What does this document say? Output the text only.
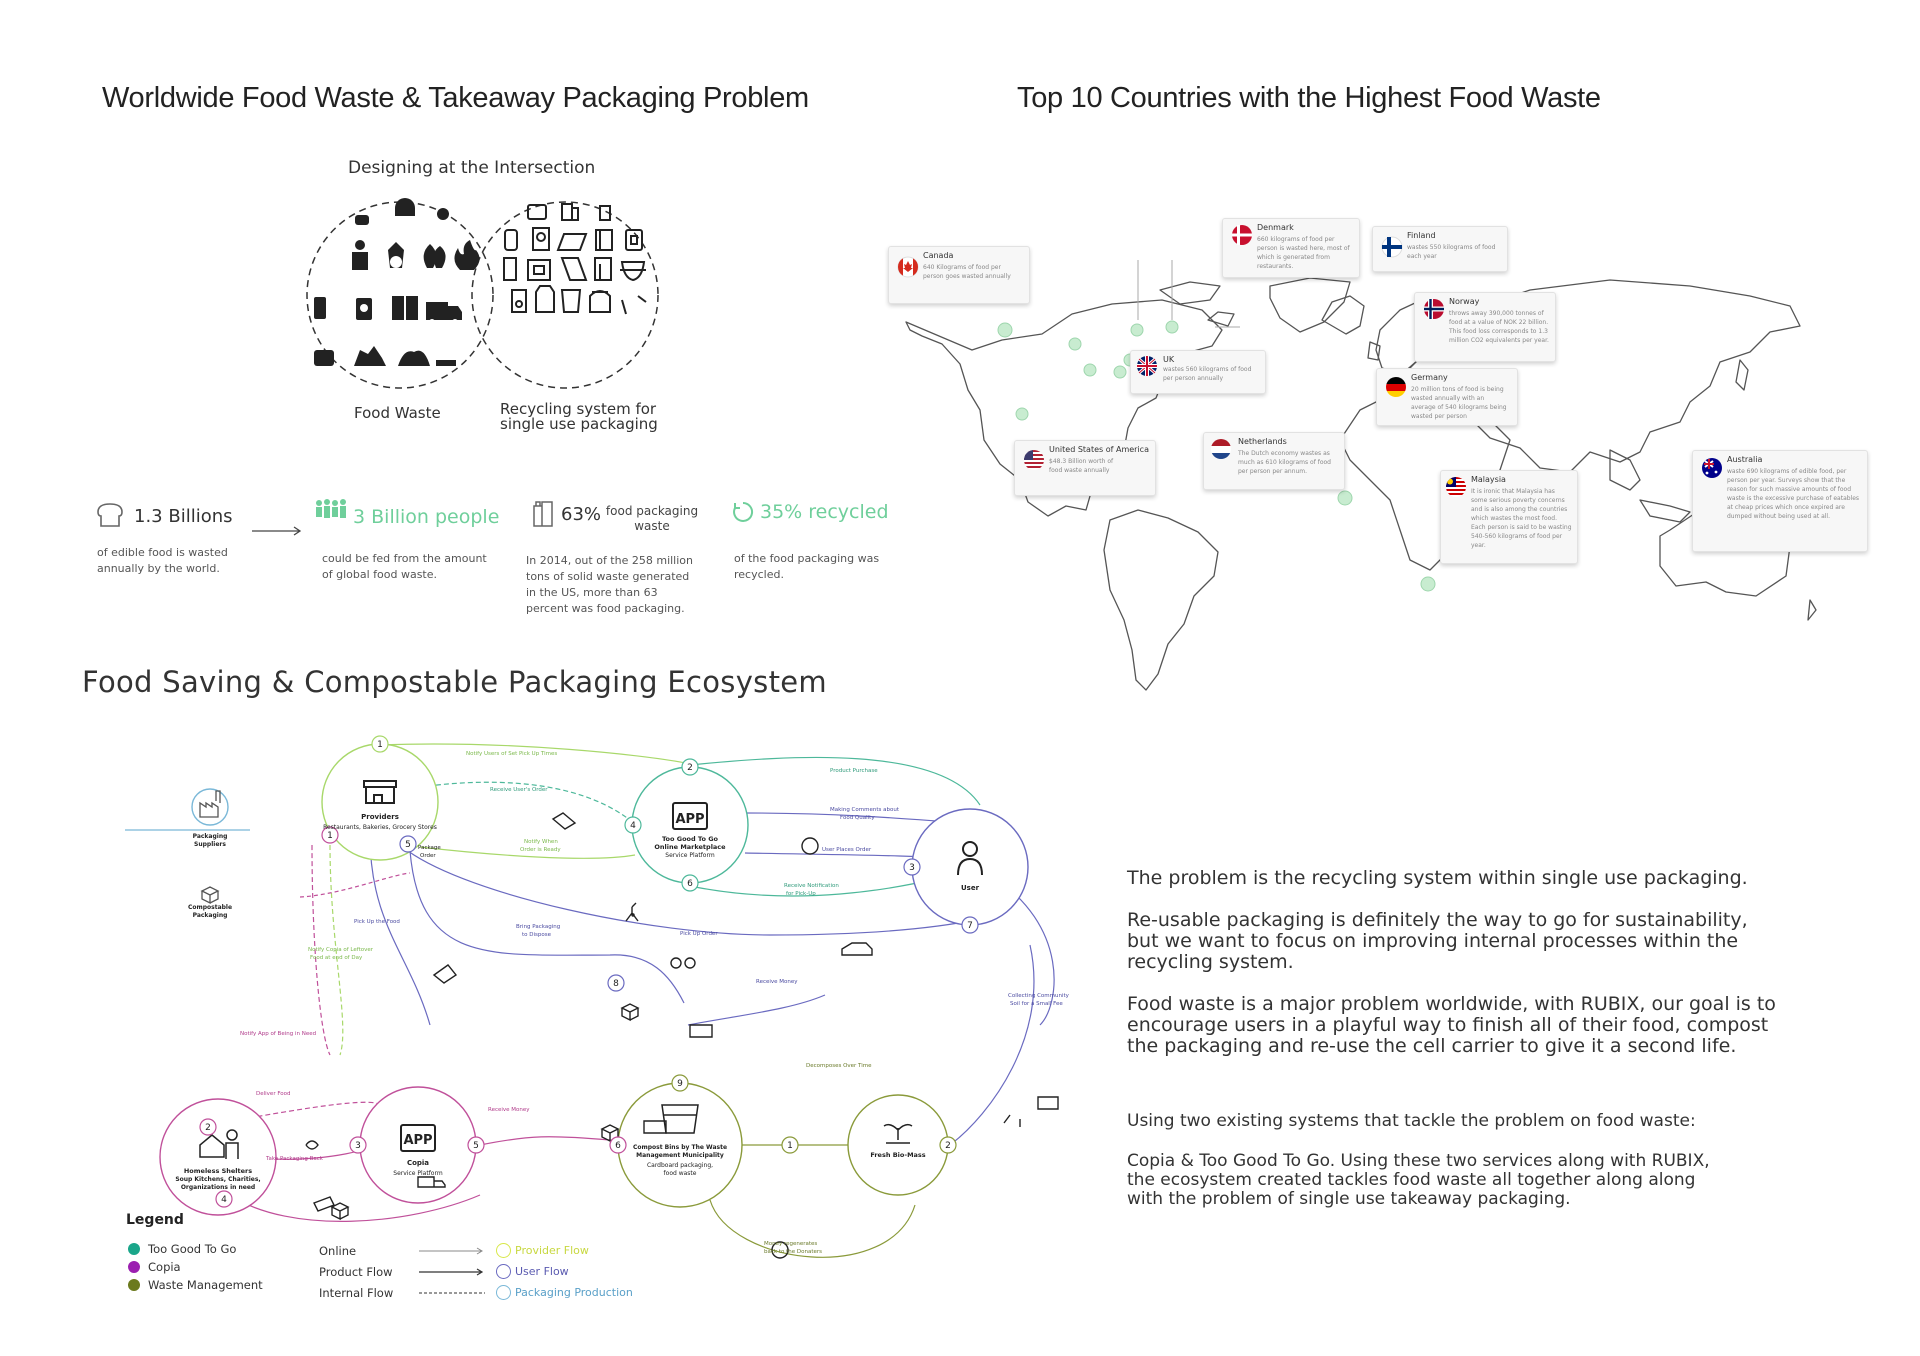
Worldwide Food Waste & Takeaway Packaging Problem	Top 10 Countries with the Highest Food Waste
Food Saving & Compostable Packaging Ecosystem
Designing at the Intersection
Food Waste	Recycling system for
single use packaging
1.3 Billions
of edible food is wasted annually by the world.
3 Billion people
could be fed from the amount of global food waste.
63% food packaging waste
In 2014, out of the 258 million tons of solid waste generated in the US, more than 63 percent was food packaging.
35% recycled
of the food packaging was recycled.
Canada
640 Kilograms of food per person goes wasted annually
Denmark
660 kilograms of food per person is wasted here, most of which is generated from restaurants.
Finland
wastes 550 kilograms of food each year
Norway
throws away 390,000 tonnes of food at a value of NOK 22 billion. This food loss corresponds to 1.3 million CO2 equivalents per year.
UK
wastes 560 kilograms of food per person annually	Germany
20 million tons of food is being wasted annually with an average of 540 kilograms being wasted per person
United States of America
$48.3 Billion worth of food waste annually
Netherlands
The Dutch economy wastes as much as 610 kilograms of food per person per annum.
Malaysia
It is ironic that Malaysia has some serious poverty concerns and is also among the countries which wastes the most food. Each person is said to be wasting 540-560 kilograms of food per year.
Australia
waste 690 kilograms of edible food, per person per year. Surveys show that the reason for such massive amounts of food waste is the excessive purchase of eatables at cheap prices which once expired are dumped without being used at all.
The problem is the recycling system within single use packaging.
Re-usable packaging is definitely the way to go for sustainability,
but we want to focus on improving internal processes within the
recycling system.
Food waste is a major problem worldwide, with RUBIX, our goal is to
encourage users in a playful way to finish all of their food, compost
the packaging and re-use the cell carrier to give it a second life.
Using two existing systems that tackle the problem on food waste:
Copia & Too Good To Go. Using these two services along with RUBIX,
the ecosystem created tackles food waste all together along along
with the problem of single use takeaway packaging.
APP
APP
1
1
5
2
4
6
3
7
8
9
1	2
6
5
3
2
4
Providers
Restaurants, Bakeries, Grocery Stores
Too Good To Go
Online Marketplace
Service Platform
User
Copia
Service Platform
Homeless Shelters
Soup Kitchens, Charities,
Organizations in need
Compost Bins by The Waste
Management Municipality
Cardboard packaging,
food waste
Fresh Bio-Mass
Packaging
Suppliers
Compostable
Packaging
Notify Users of Set Pick Up Times
Receive User's Order
Product Purchase
Making Comments about
Food Quality
User Places Order
Notify When
Order is Ready
Receive Notification
for Pick-Up
Package
Order
Pick Up the Food
Bring Packaging
to Dispose	Pick Up Order
Notify Copia of Leftover
Food at end of Day
Receive Money
Receive Money
Collecting Community
Soil for a Small Fee
Notify App of Being in Need
Deliver Food
Take Packaging Back
Decomposes Over Time
Money regenerates
back to the Donaters
Legend
Too Good To Go
Copia
Waste Management
Online
Product Flow
Internal Flow
Provider Flow
User Flow
Packaging Production
